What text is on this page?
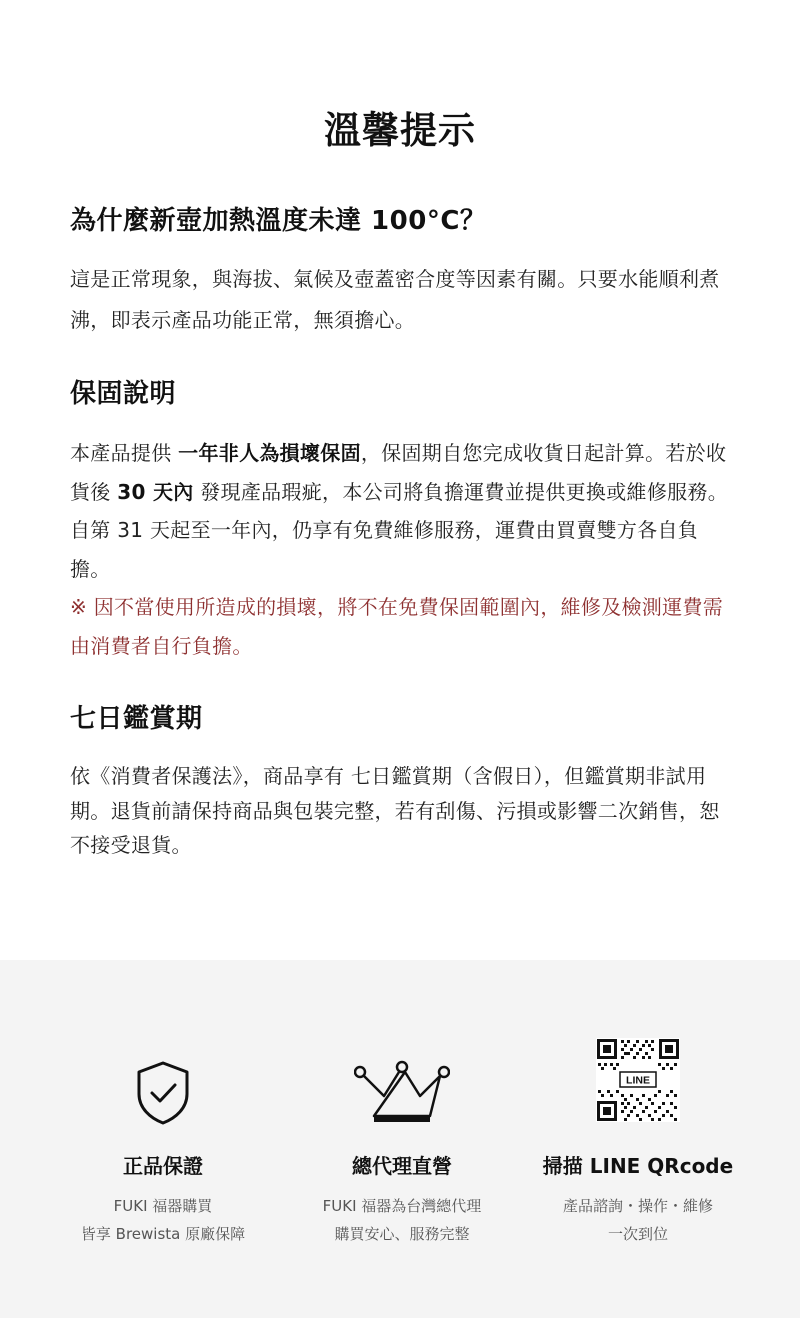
溫馨提示
為什麼新壺加熱溫度未達 100°C？

這是正常現象，與海拔、氣候及壺蓋密合度等因素有關。只要水能順利煮沸，即表示產品功能正常，無須擔心。

保固說明

本產品提供 一年非人為損壞保固，保固期自您完成收貨日起計算。若於收貨後 30 天內 發現產品瑕疵，本公司將負擔運費並提供更換或維修服務。自第 31 天起至一年內，仍享有免費維修服務，運費由買賣雙方各自負擔。

※ 因不當使用所造成的損壞，將不在免費保固範圍內，維修及檢測運費需由消費者自行負擔。

七日鑑賞期

依《消費者保護法》，商品享有 七日鑑賞期（含假日），但鑑賞期非試用期。退貨前請保持商品與包裝完整，若有刮傷、污損或影響二次銷售，恕不接受退貨。

正品保證
FUKI 福器購買
皆享 Brewista 原廠保障
總代理直營
FUKI 福器為台灣總代理
購買安心、服務完整
LINE
掃描 LINE QRcode
產品諮詢・操作・維修
一次到位
